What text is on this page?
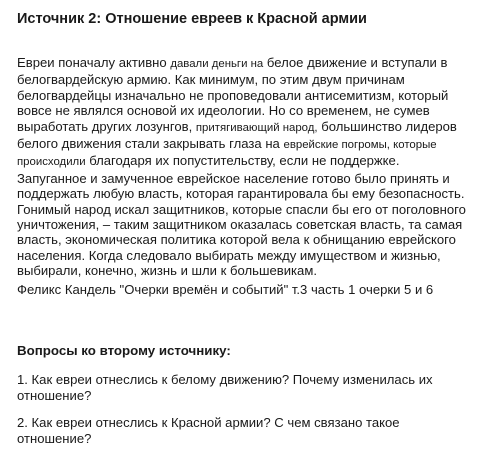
Источник 2: Отношение евреев к Красной армии
Евреи поначалу активно давали деньги на белое движение и вступали в
белогвардейскую армию. Как минимум, по этим двум причинам
белогвардейцы изначально не проповедовали антисемитизм, который
вовсе не являлся основой их идеологии. Но со временем, не сумев
выработать других лозунгов, притягивающий народ, большинство лидеров
белого движения стали закрывать глаза на еврейские погромы, которые
происходили благодаря их попустительству, если не поддержке.
Запуганное и замученное еврейское население готово было принять и
поддержать любую власть, которая гарантировала бы ему безопасность.
Гонимый народ искал защитников, которые спасли бы его от поголовного
уничтожения, – таким защитником оказалась советская власть, та самая
власть, экономическая политика которой вела к обнищанию еврейского
населения. Когда следовало выбирать между имуществом и жизнью,
выбирали, конечно, жизнь и шли к большевикам.
Феликс Кандель "Очерки времён и событий" т.3 часть 1 очерки 5 и 6
Вопросы ко второму источнику:
1. Как евреи отнеслись к белому движению? Почему изменилась их
отношение?
2. Как евреи отнеслись к Красной армии? С чем связано такое
отношение?
